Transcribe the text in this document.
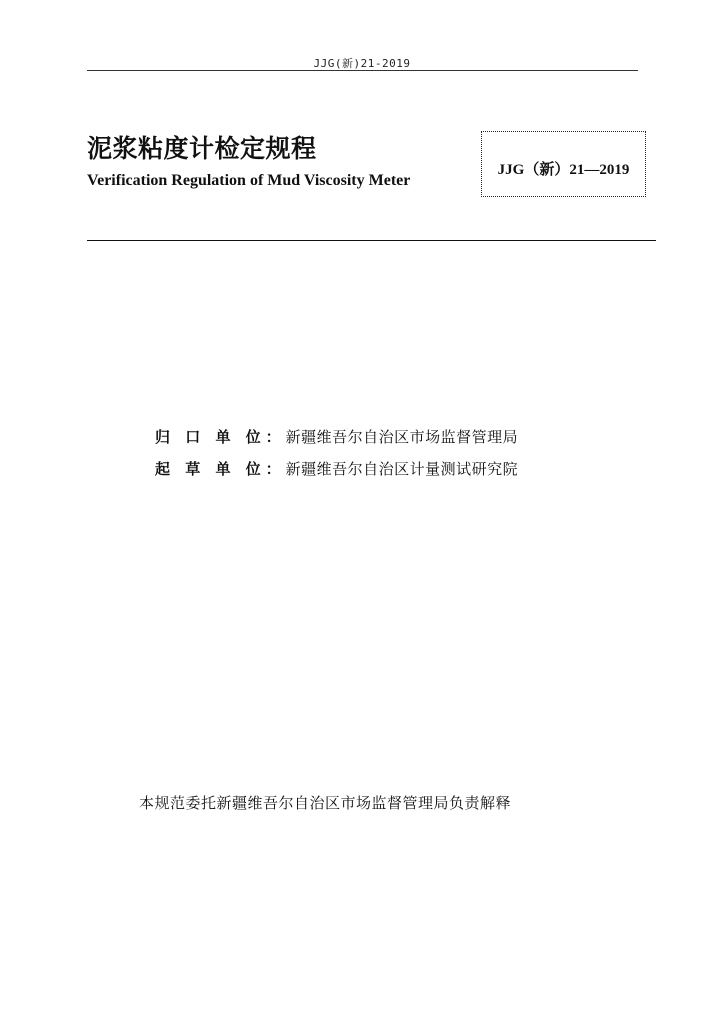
JJG(新)21-2019
泥浆粘度计检定规程
Verification Regulation of Mud Viscosity Meter
JJG（新）21—2019
归 口 单 位：新疆维吾尔自治区市场监督管理局
起 草 单 位：新疆维吾尔自治区计量测试研究院
本规范委托新疆维吾尔自治区市场监督管理局负责解释
